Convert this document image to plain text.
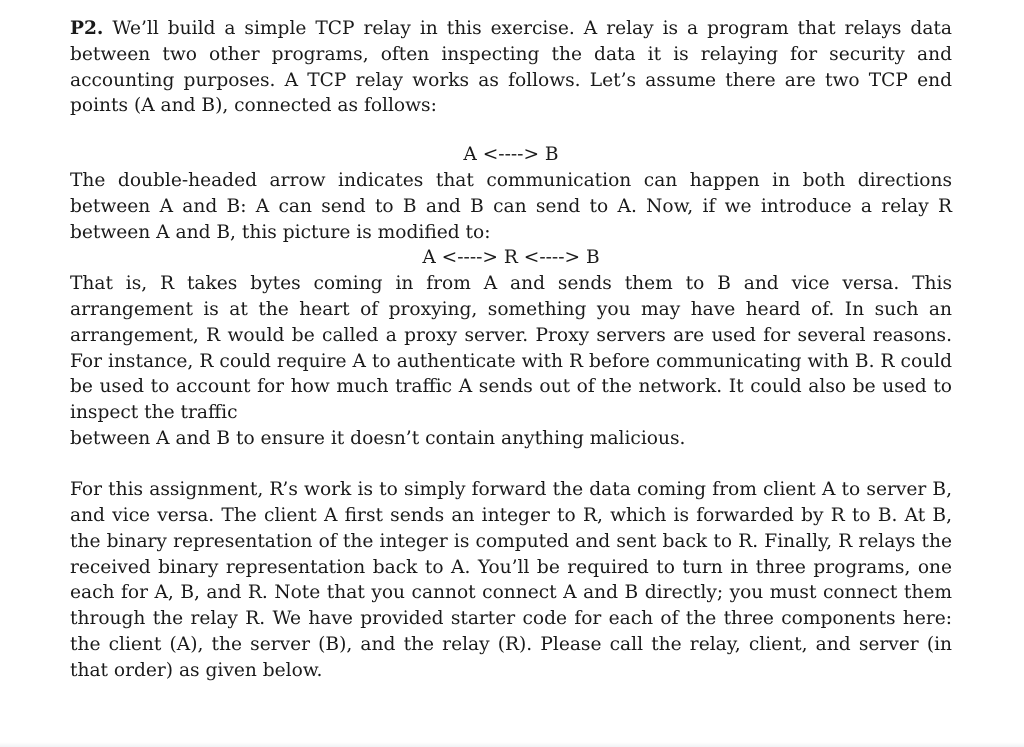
P2. We’ll build a simple TCP relay in this exercise. A relay is a program that relays data between two other programs, often inspecting the data it is relaying for security and accounting purposes. A TCP relay works as follows. Let’s assume there are two TCP end points (A and B), connected as follows:

A <----> B

The double-headed arrow indicates that communication can happen in both directions between A and B: A can send to B and B can send to A. Now, if we introduce a relay R between A and B, this picture is modified to:

A <----> R <----> B

That is, R takes bytes coming in from A and sends them to B and vice versa. This arrangement is at the heart of proxying, something you may have heard of. In such an arrangement, R would be called a proxy server. Proxy servers are used for several reasons. For instance, R could require A to authenticate with R before communicating with B. R could be used to account for how much traffic A sends out of the network. It could also be used to inspect the traffic

between A and B to ensure it doesn’t contain anything malicious.

For this assignment, R’s work is to simply forward the data coming from client A to server B, and vice versa. The client A first sends an integer to R, which is forwarded by R to B. At B, the binary representation of the integer is computed and sent back to R. Finally, R relays the received binary representation back to A. You’ll be required to turn in three programs, one each for A, B, and R. Note that you cannot connect A and B directly; you must connect them through the relay R. We have provided starter code for each of the three components here: the client (A), the server (B), and the relay (R). Please call the relay, client, and server (in that order) as given below.
